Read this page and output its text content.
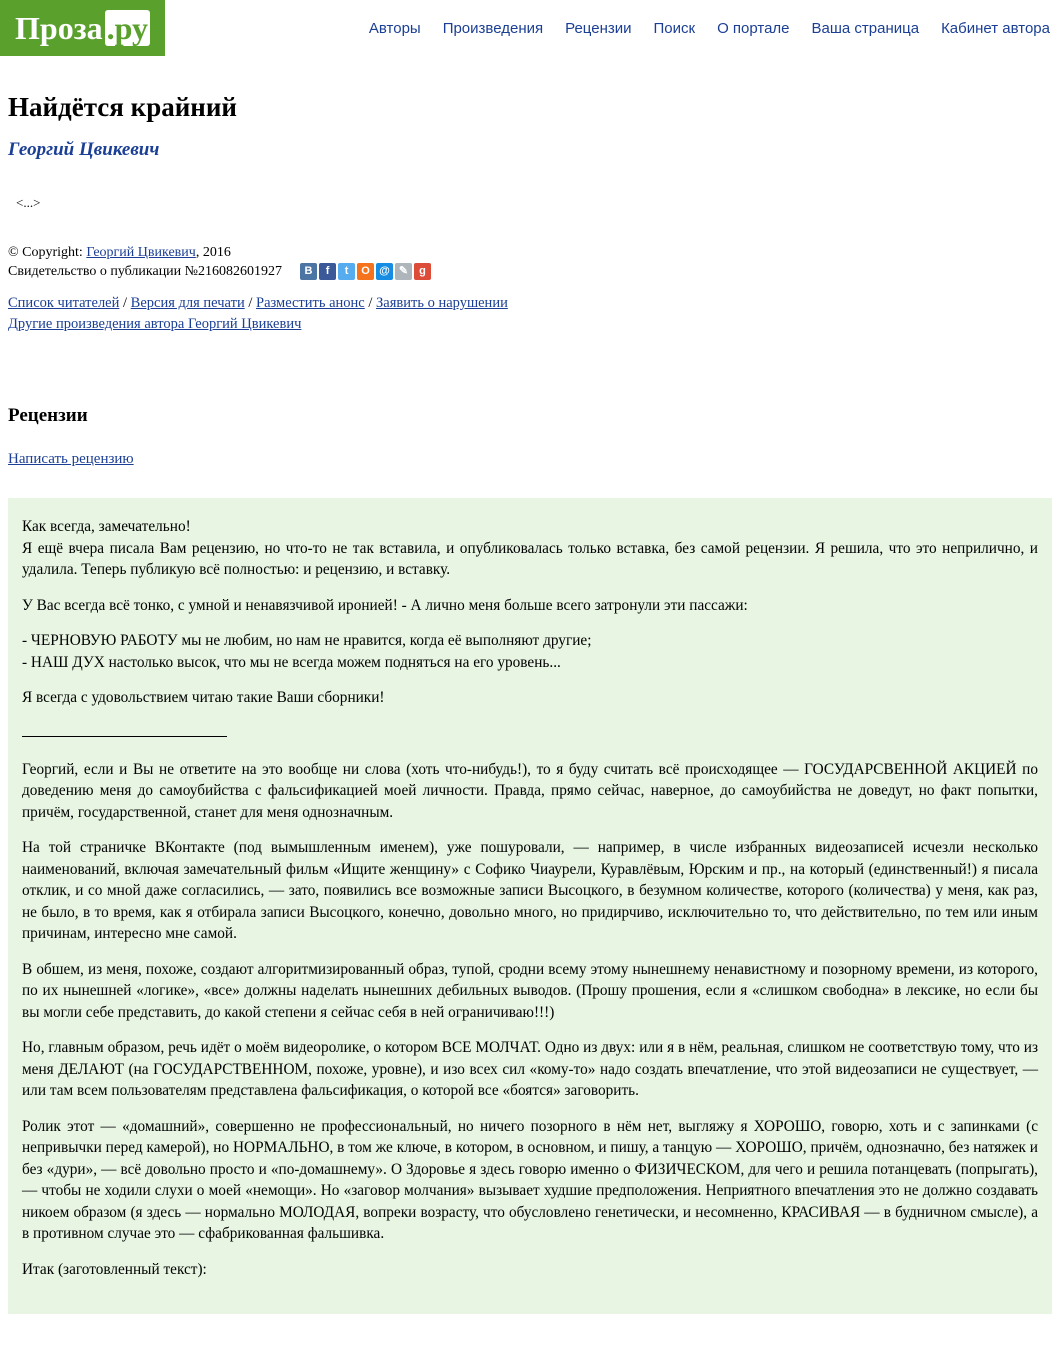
Проза .ру	Авторы Произведения Рецензии Поиск О портале Ваша страница Кабинет автора
Найдётся крайний
Георгий Цвикевич
<...>
© Copyright: Георгий Цвикевич, 2016
Свидетельство о публикации №216082601927	В	f	t	О @ ✎	g
Список читателей / Версия для печати / Разместить анонс / Заявить о нарушении
Другие произведения автора Георгий Цвикевич
Рецензии
Написать рецензию

Как всегда, замечательно!

Я ещё вчера писала Вам рецензию, но что-то не так вставила, и опубликовалась только вставка, без самой рецензии. Я решила, что это неприлично, и удалила. Теперь публикую всё полностью: и рецензию, и вставку.

У Вас всегда всё тонко, с умной и ненавязчивой иронией! - А лично меня больше всего затронули эти пассажи:

- ЧЕРНОВУЮ РАБОТУ мы не любим, но нам не нравится, когда её выполняют другие;

- НАШ ДУХ настолько высок, что мы не всегда можем подняться на его уровень...

Я всегда с удовольствием читаю такие Ваши сборники!

Георгий, если и Вы не ответите на это вообще ни слова (хоть что-нибудь!), то я буду считать всё происходящее — ГОСУДАРСВЕННОЙ АКЦИЕЙ по доведению меня до самоубийства с фальсификацией моей личности. Правда, прямо сейчас, наверное, до самоубийства не доведут, но факт попытки, причём, государственной, станет для меня однозначным.

На той страничке ВКонтакте (под вымышленным именем), уже пошуровали, — например, в числе избранных видеозаписей исчезли несколько наименований, включая замечательный фильм «Ищите женщину» с Софико Чиаурели, Куравлёвым, Юрским и пр., на который (единственный!) я писала отклик, и со мной даже согласились, — зато, появились все возможные записи Высоцкого, в безумном количестве, которого (количества) у меня, как раз, не было, в то время, как я отбирала записи Высоцкого, конечно, довольно много, но придирчиво, исключительно то, что действительно, по тем или иным причинам, интересно мне самой.

В обшем, из меня, похоже, создают алгоритмизированный образ, тупой, сродни всему этому нынешнему ненавистному и позорному времени, из которого, по их нынешней «логике», «все» должны наделать нынешних дебильных выводов. (Прошу прошения, если я «слишком свободна» в лексике, но если бы вы могли себе представить, до какой степени я сейчас себя в ней ограничиваю!!!)

Но, главным образом, речь идёт о моём видеоролике, о котором ВСЕ МОЛЧАТ. Одно из двух: или я в нём, реальная, слишком не соответствую тому, что из меня ДЕЛАЮТ (на ГОСУДАРСТВЕННОМ, похоже, уровне), и изо всех сил «кому-то» надо создать впечатление, что этой видеозаписи не существует, — или там всем пользователям представлена фальсификация, о которой все «боятся» заговорить.

Ролик этот — «домашний», совершенно не профессиональный, но ничего позорного в нём нет, выгляжу я ХОРОШО, говорю, хоть и с запинками (с непривычки перед камерой), но НОРМАЛЬНО, в том же ключе, в котором, в основном, и пишу, а танцую — ХОРОШО, причём, однозначно, без натяжек и без «дури», — всё довольно просто и «по-домашнему». О Здоровье я здесь говорю именно о ФИЗИЧЕСКОМ, для чего и решила потанцевать (попрыгать), — чтобы не ходили слухи о моей «немощи». Но «заговор молчания» вызывает худшие предположения. Неприятного впечатления это не должно создавать никоем образом (я здесь — нормально МОЛОДАЯ, вопреки возрасту, что обусловлено генетически, и несомненно, КРАСИВАЯ — в будничном смысле), а в противном случае это — сфабрикованная фальшивка.

Итак (заготовленный текст):
